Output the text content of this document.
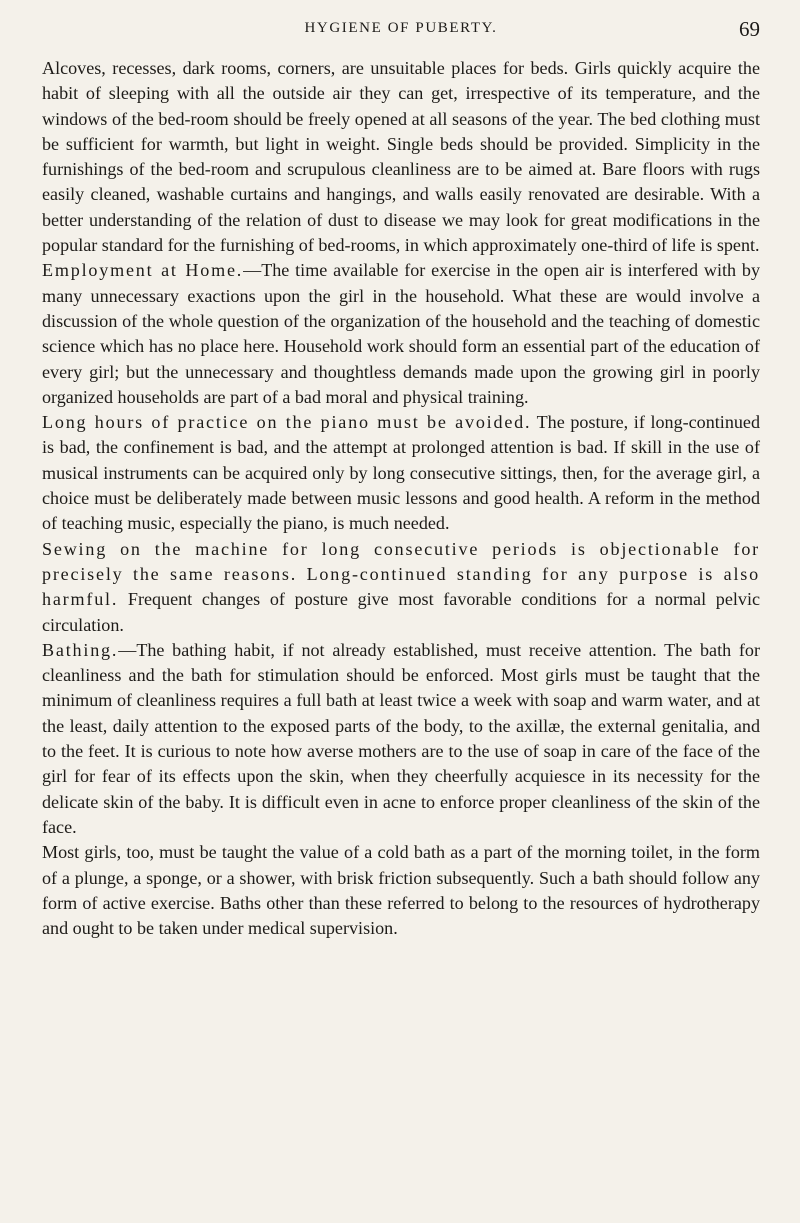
HYGIENE OF PUBERTY.	69

Alcoves, recesses, dark rooms, corners, are unsuitable places for beds. Girls quickly acquire the habit of sleeping with all the outside air they can get, irrespective of its temperature, and the windows of the bed-room should be freely opened at all seasons of the year. The bed clothing must be sufficient for warmth, but light in weight. Single beds should be provided. Simplicity in the furnishings of the bed-room and scrupulous cleanliness are to be aimed at. Bare floors with rugs easily cleaned, washable curtains and hangings, and walls easily renovated are desirable. With a better understanding of the relation of dust to disease we may look for great modifications in the popular standard for the furnishing of bed-rooms, in which approximately one-third of life is spent.

Employment at Home.—The time available for exercise in the open air is interfered with by many unnecessary exactions upon the girl in the household. What these are would involve a discussion of the whole question of the organization of the household and the teaching of domestic science which has no place here. Household work should form an essential part of the education of every girl; but the unnecessary and thoughtless demands made upon the growing girl in poorly organized households are part of a bad moral and physical training.

Long hours of practice on the piano must be avoided. The posture, if long-continued is bad, the confinement is bad, and the attempt at prolonged attention is bad. If skill in the use of musical instruments can be acquired only by long consecutive sittings, then, for the average girl, a choice must be deliberately made between music lessons and good health. A reform in the method of teaching music, especially the piano, is much needed.

Sewing on the machine for long consecutive periods is objectionable for precisely the same reasons. Long-continued standing for any purpose is also harmful. Frequent changes of posture give most favorable conditions for a normal pelvic circulation.

Bathing.—The bathing habit, if not already established, must receive attention. The bath for cleanliness and the bath for stimulation should be enforced. Most girls must be taught that the minimum of cleanliness requires a full bath at least twice a week with soap and warm water, and at the least, daily attention to the exposed parts of the body, to the axillæ, the external genitalia, and to the feet. It is curious to note how averse mothers are to the use of soap in care of the face of the girl for fear of its effects upon the skin, when they cheerfully acquiesce in its necessity for the delicate skin of the baby. It is difficult even in acne to enforce proper cleanliness of the skin of the face.

Most girls, too, must be taught the value of a cold bath as a part of the morning toilet, in the form of a plunge, a sponge, or a shower, with brisk friction subsequently. Such a bath should follow any form of active exercise. Baths other than these referred to belong to the resources of hydrotherapy and ought to be taken under medical supervision.
